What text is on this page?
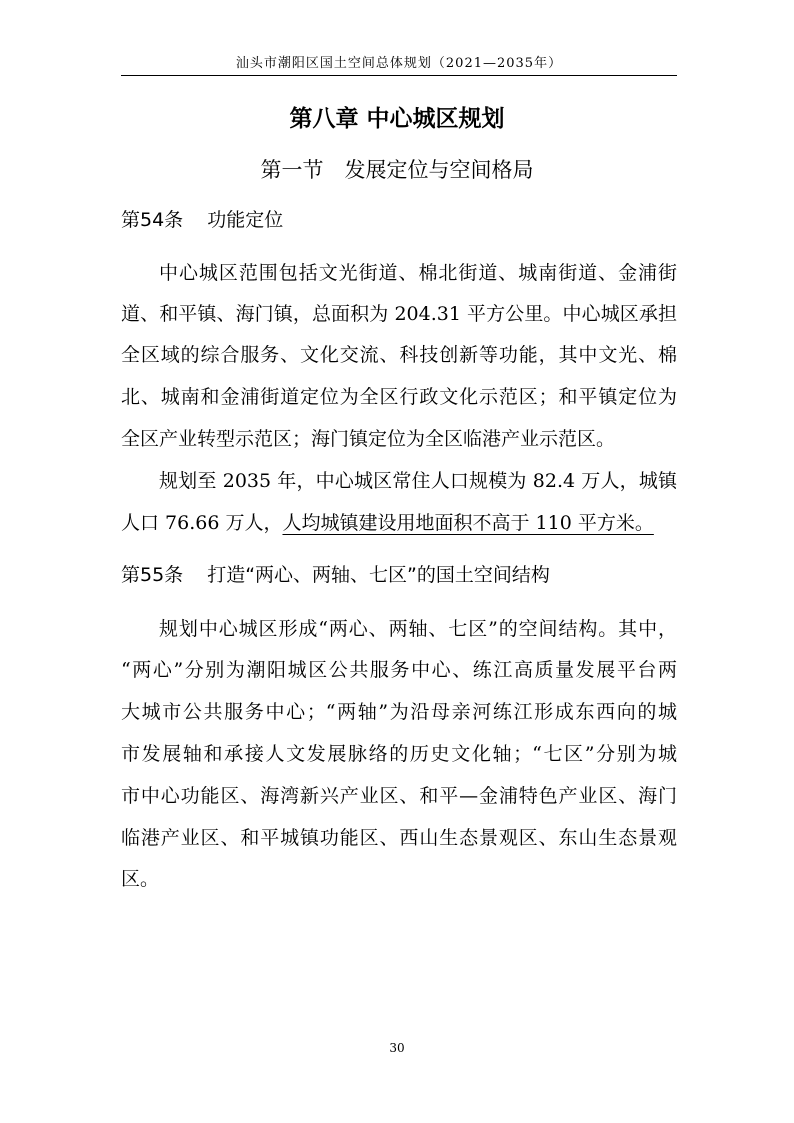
汕头市潮阳区国土空间总体规划（2021—2035年）
第八章 中心城区规划
第一节　发展定位与空间格局
第54条 功能定位
中心城区范围包括文光街道、棉北街道、城南街道、金浦街
道、和平镇、海门镇，总面积为 204.31 平方公里。中心城区承担
全区域的综合服务、文化交流、科技创新等功能，其中文光、棉
北、城南和金浦街道定位为全区行政文化示范区；和平镇定位为
全区产业转型示范区；海门镇定位为全区临港产业示范区。
规划至 2035 年，中心城区常住人口规模为 82.4 万人，城镇
人口 76.66 万人，人均城镇建设用地面积不高于 110 平方米。
第55条 打造“两心、两轴、七区”的国土空间结构
规划中心城区形成“两心、两轴、七区”的空间结构。其中，
“两心”分别为潮阳城区公共服务中心、练江高质量发展平台两
大城市公共服务中心；“两轴”为沿母亲河练江形成东西向的城
市发展轴和承接人文发展脉络的历史文化轴；“七区”分别为城
市中心功能区、海湾新兴产业区、和平—金浦特色产业区、海门
临港产业区、和平城镇功能区、西山生态景观区、东山生态景观
区。
30
